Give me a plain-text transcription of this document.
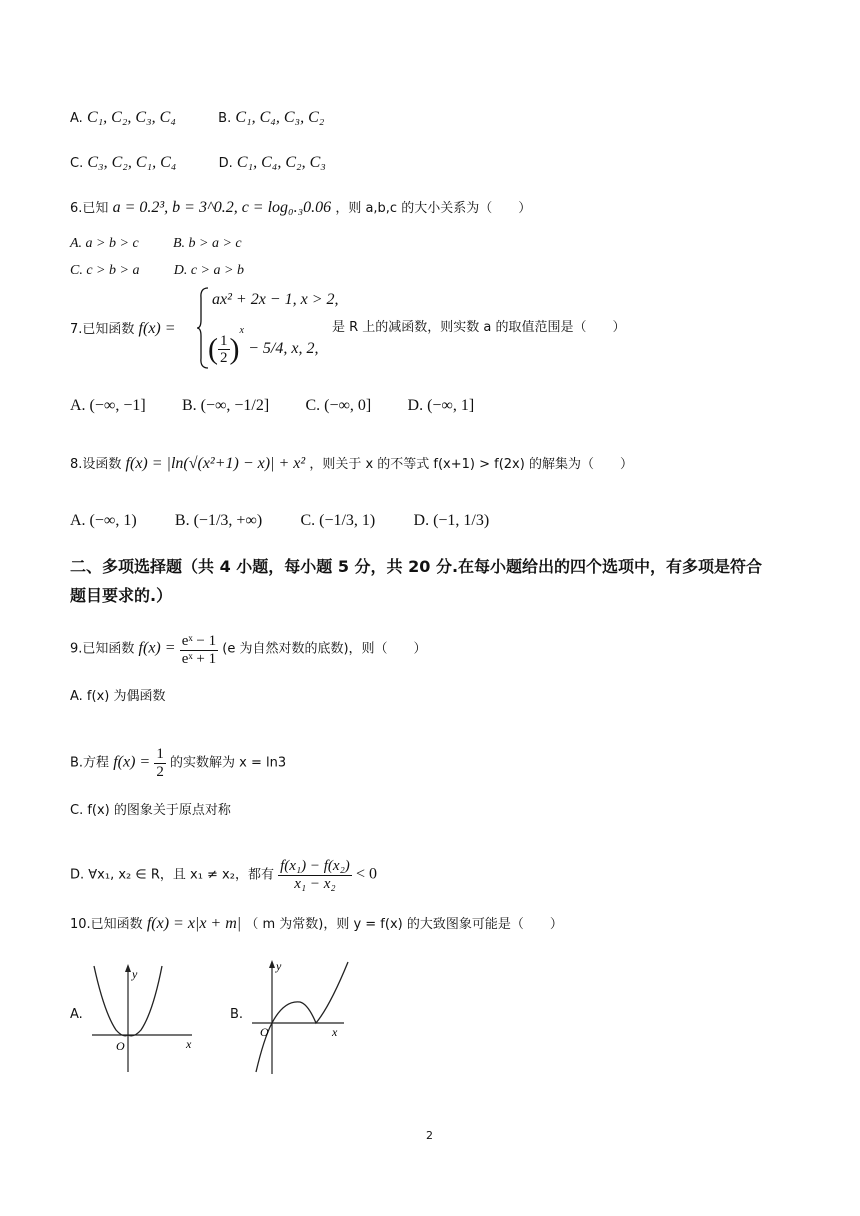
A. C₁, C₂, C₃, C₄	B. C₁, C₄, C₃, C₂
C. C₃, C₂, C₁, C₄	D. C₁, C₄, C₂, C₃
6.已知 a = 0.2³, b = 3^0.2, c = log₀.₃0.06 ，则 a,b,c 的大小关系为（　　）
A. a > b > c B. b > a > c
C. c > b > a D. c > a > b
7.已知函数 f(x) =
ax² + 2x − 1, x > 2,
( $\frac{1}{2} )^x - 5/4$, x, 2,
是 R 上的减函数，则实数 a 的取值范围是（　　）
A. (−∞, −1] B. (−∞, −1/2] C. (−∞, 0] D. (−∞, 1]
8.设函数 f(x) = |ln(√(x²+1) − x)| + x² ，则关于 x 的不等式 f(x+1) > f(2x) 的解集为（　　）
A. (−∞, 1) B. (−1/3, +∞) C. (−1/3, 1) D. (−1, 1/3)
二、多项选择题（共 4 小题，每小题 5 分，共 20 分.在每小题给出的四个选项中，有多项是符合
题目要求的.）
9.已知函数 $f(x) = \frac{\text{eˣ − 1}}{\text{eˣ + 1}} (e$ 为自然对数的底数)，则（　　）
A. f(x) 为偶函数
B.方程 $f(x) = \frac{1}{2}$ 的实数解为 x = ln3
C. f(x) 的图象关于原点对称
D. ∀x₁, x₂ ∈ R，且 x₁ ≠ x₂，都有 $\frac{\text{f(x₁) − f(x₂)}}{\text{x₁ − x₂}} < 0$
10.已知函数 f(x) = x|x + m| （ m 为常数)，则 y = f(x) 的大致图象可能是（　　）
A.
y
x
O
B.
y
x
O
2
